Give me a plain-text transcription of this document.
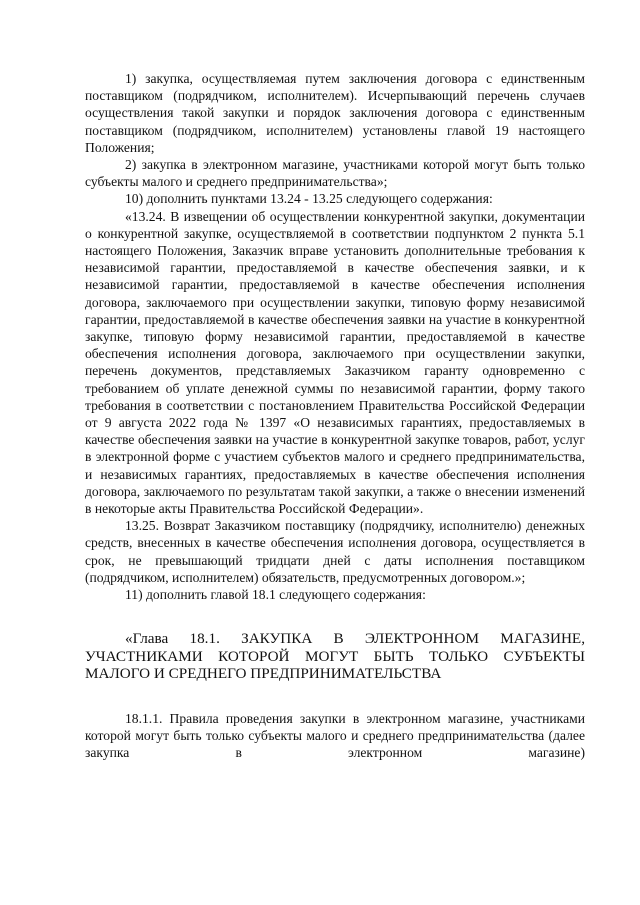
1) закупка, осуществляемая путем заключения договора с единственным поставщиком (подрядчиком, исполнителем). Исчерпывающий перечень случаев осуществления такой закупки и порядок заключения договора с единственным поставщиком (подрядчиком, исполнителем) установлены главой 19 настоящего Положения;

2) закупка в электронном магазине, участниками которой могут быть только субъекты малого и среднего предпринимательства»;

10) дополнить пунктами 13.24 - 13.25 следующего содержания:

«13.24. В извещении об осуществлении конкурентной закупки, документации о конкурентной закупке, осуществляемой в соответствии подпунктом 2 пункта 5.1 настоящего Положения, Заказчик вправе установить дополнительные требования к независимой гарантии, предоставляемой в качестве обеспечения заявки, и к независимой гарантии, предоставляемой в качестве обеспечения исполнения договора, заключаемого при осуществлении закупки, типовую форму независимой гарантии, предоставляемой в качестве обеспечения заявки на участие в конкурентной закупке, типовую форму независимой гарантии, предоставляемой в качестве обеспечения исполнения договора, заключаемого при осуществлении закупки, перечень документов, представляемых Заказчиком гаранту одновременно с требованием об уплате денежной суммы по независимой гарантии, форму такого требования в соответствии с постановлением Правительства Российской Федерации от 9 августа 2022 года № 1397 «О независимых гарантиях, предоставляемых в качестве обеспечения заявки на участие в конкурентной закупке товаров, работ, услуг в электронной форме с участием субъектов малого и среднего предпринимательства, и независимых гарантиях, предоставляемых в качестве обеспечения исполнения договора, заключаемого по результатам такой закупки, а также о внесении изменений в некоторые акты Правительства Российской Федерации».

13.25. Возврат Заказчиком поставщику (подрядчику, исполнителю) денежных средств, внесенных в качестве обеспечения исполнения договора, осуществляется в срок, не превышающий тридцати дней с даты исполнения поставщиком (подрядчиком, исполнителем) обязательств, предусмотренных договором.»;

11) дополнить главой 18.1 следующего содержания:

«Глава 18.1. ЗАКУПКА В ЭЛЕКТРОННОМ МАГАЗИНЕ, УЧАСТНИКАМИ КОТОРОЙ МОГУТ БЫТЬ ТОЛЬКО СУБЪЕКТЫ МАЛОГО И СРЕДНЕГО ПРЕДПРИНИМАТЕЛЬСТВА

18.1.1. Правила проведения закупки в электронном магазине, участниками которой могут быть только субъекты малого и среднего предпринимательства (далее закупка в электронном магазине)
